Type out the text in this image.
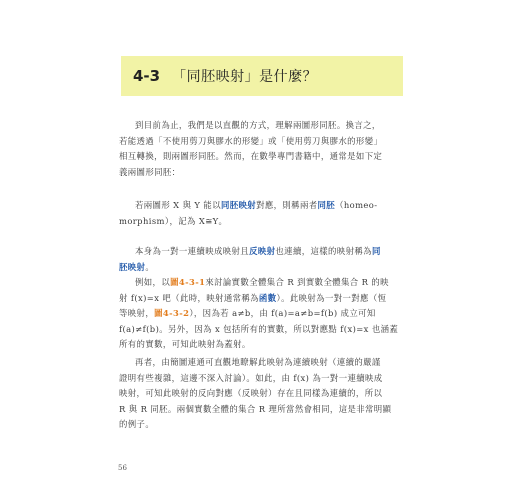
4-3 「同胚映射」是什麼？
到目前為止，我們是以直觀的方式，理解兩圖形同胚。換言之，
若能透過「不使用剪刀與膠水的形變」或「使用剪刀與膠水的形變」
相互轉換，則兩圖形同胚。然而，在數學專門書籍中，通常是如下定
義兩圖形同胚：
若兩圖形 X 與 Y 能以同胚映射對應，則稱兩者同胚（homeo-
morphism），記為 X≅Y。
本身為一對一連續映成映射且反映射也連續，這樣的映射稱為同
胚映射。
例如，以圖4-3-1來討論實數全體集合 R 到實數全體集合 R 的映
射 f(x)=x 吧（此時，映射通常稱為函數）。此映射為一對一對應（恆
等映射，圖4-3-2），因為若 a≠b，由 f(a)=a≠b=f(b) 成立可知
f(a)≠f(b)。另外，因為 x 包括所有的實數，所以對應點 f(x)=x 也涵蓋
所有的實數，可知此映射為蓋射。
再者，由簡圖連通可直觀地瞭解此映射為連續映射（連續的嚴謹
證明有些複雜，這邊不深入討論）。如此，由 f(x) 為一對一連續映成
映射，可知此映射的反向對應（反映射）存在且同樣為連續的，所以
R 與 R 同胚。兩個實數全體的集合 R 理所當然會相同，這是非常明顯
的例子。
56
